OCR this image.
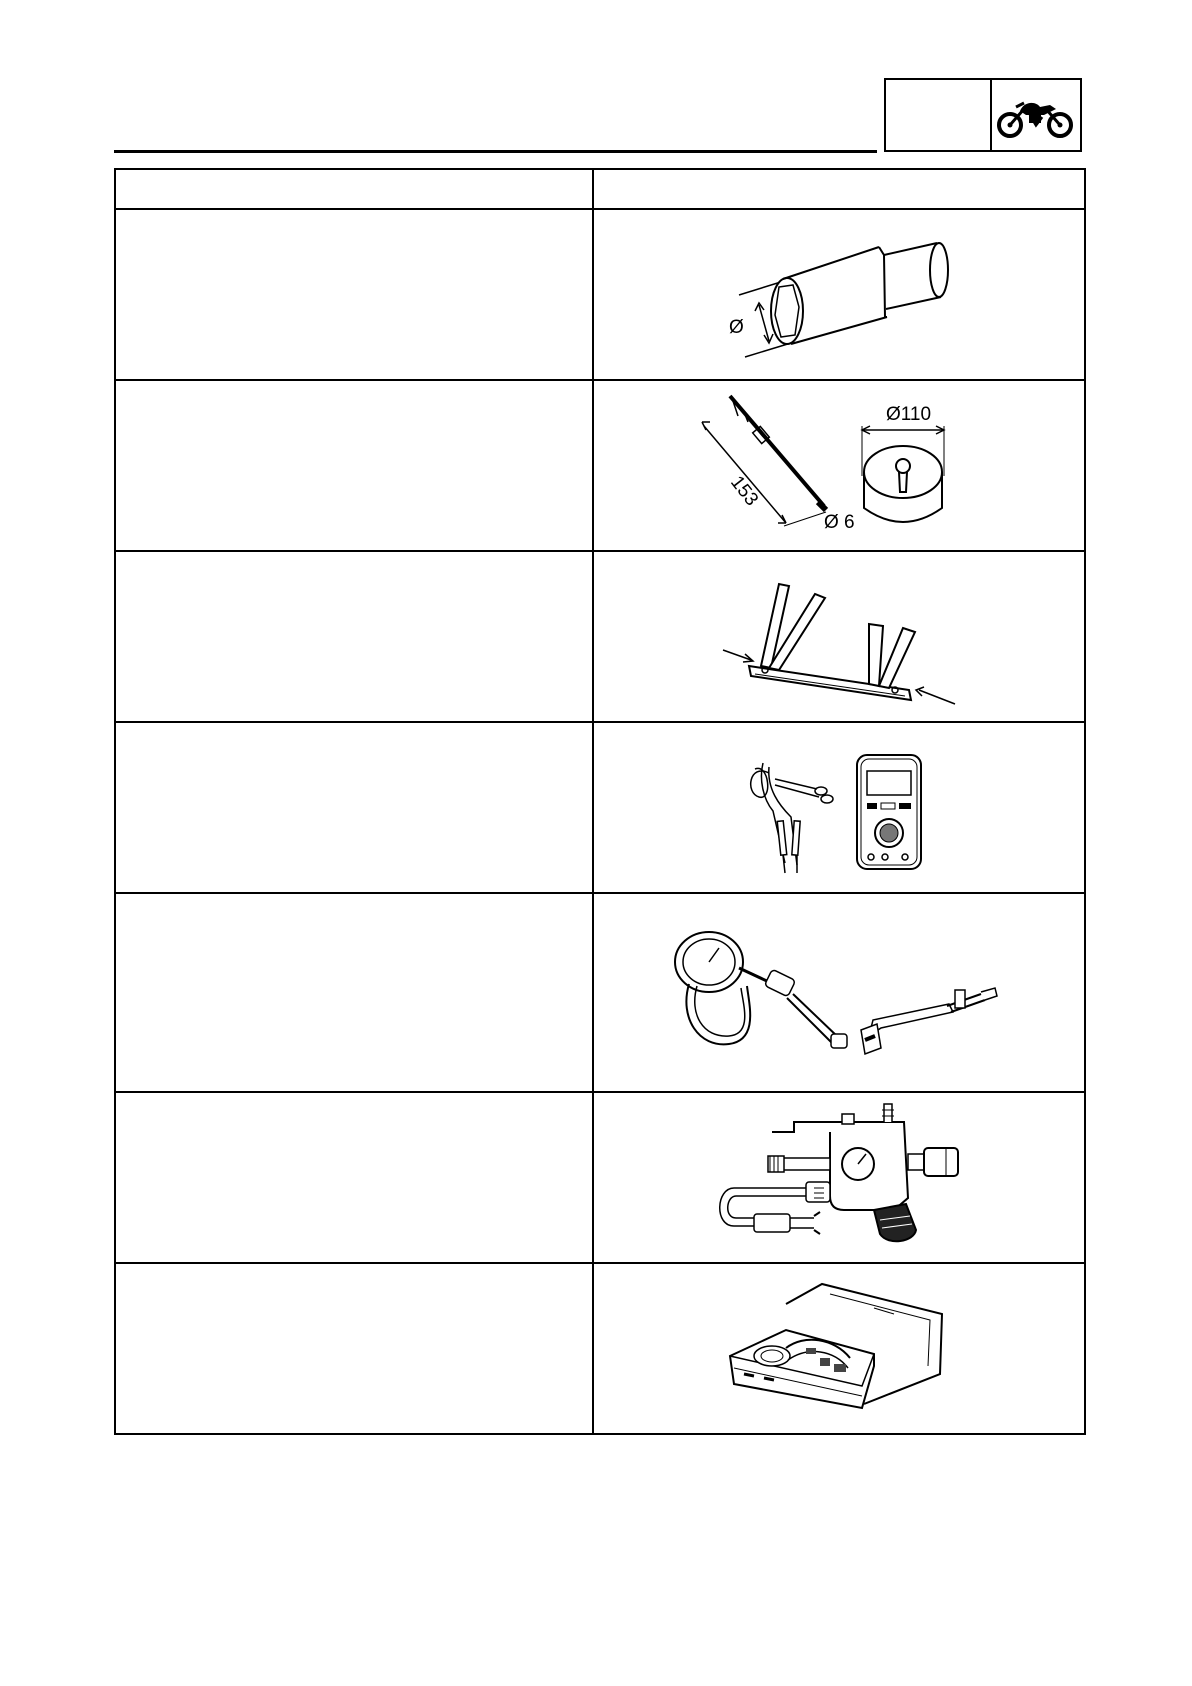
Ø

153
Ø 6
Ø110
